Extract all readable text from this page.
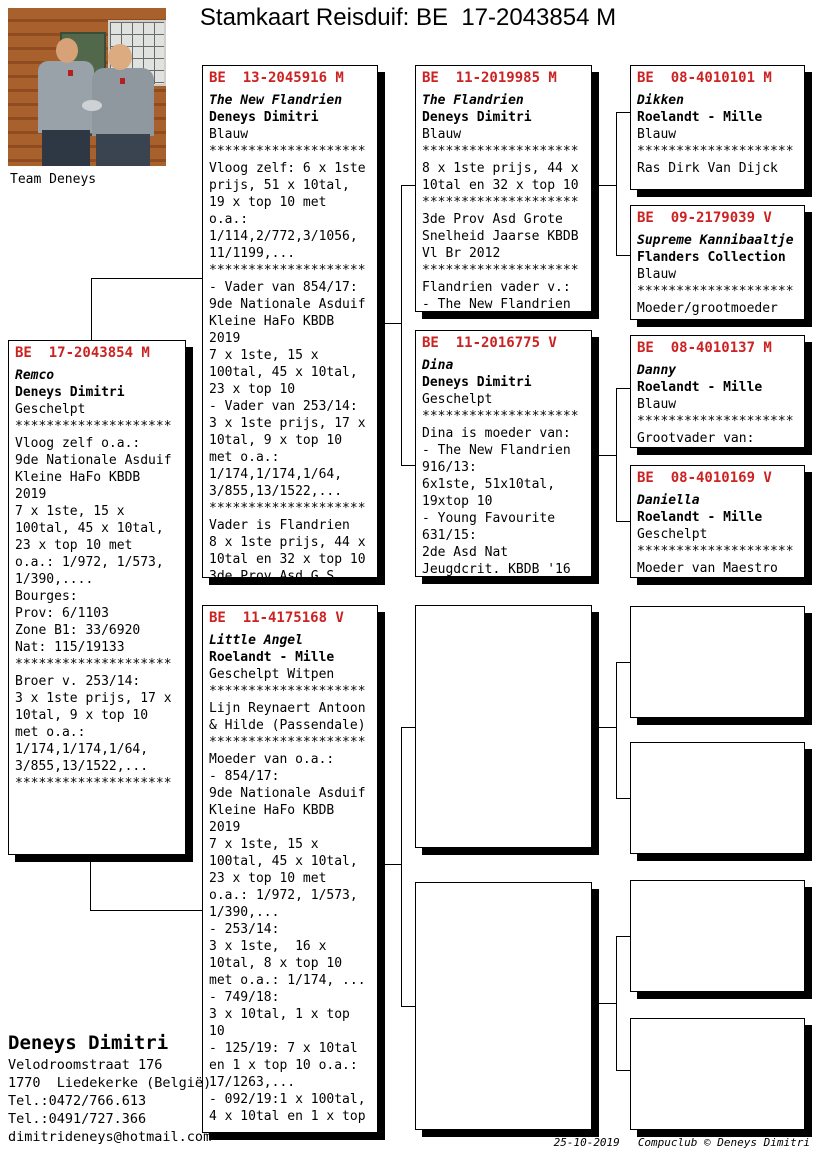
Stamkaart Reisduif: BE  17-2043854 M
Team Deneys
BE  17-2043854 M
Remco
Deneys Dimitri
Geschelpt
********************
Vloog zelf o.a.:
9de Nationale Asduif
Kleine HaFo KBDB
2019
7 x 1ste, 15 x
100tal, 45 x 10tal,
23 x top 10 met
o.a.: 1/972, 1/573,
1/390,....
Bourges:
Prov: 6/1103
Zone B1: 33/6920
Nat: 115/19133
********************
Broer v. 253/14:
3 x 1ste prijs, 17 x
10tal, 9 x top 10
met o.a.:
1/174,1/174,1/64,
3/855,13/1522,...
********************
BE  13-2045916 M
The New Flandrien
Deneys Dimitri
Blauw
********************
Vloog zelf: 6 x 1ste
prijs, 51 x 10tal,
19 x top 10 met
o.a.:
1/114,2/772,3/1056,
11/1199,...
********************
- Vader van 854/17:
9de Nationale Asduif
Kleine HaFo KBDB
2019
7 x 1ste, 15 x
100tal, 45 x 10tal,
23 x top 10
- Vader van 253/14:
3 x 1ste prijs, 17 x
10tal, 9 x top 10
met o.a.:
1/174,1/174,1/64,
3/855,13/1522,...
********************
Vader is Flandrien
8 x 1ste prijs, 44 x
10tal en 32 x top 10
3de Prov Asd G.S.
BE  11-4175168 V
Little Angel
Roelandt - Mille
Geschelpt Witpen
********************
Lijn Reynaert Antoon
& Hilde (Passendale)
********************
Moeder van o.a.:
- 854/17:
9de Nationale Asduif
Kleine HaFo KBDB
2019
7 x 1ste, 15 x
100tal, 45 x 10tal,
23 x top 10 met
o.a.: 1/972, 1/573,
1/390,...
- 253/14:
3 x 1ste,  16 x
10tal, 8 x top 10
met o.a.: 1/174, ...
- 749/18:
3 x 10tal, 1 x top
10
- 125/19: 7 x 10tal
en 1 x top 10 o.a.:
17/1263,...
- 092/19:1 x 100tal,
4 x 10tal en 1 x top
BE  11-2019985 M
The Flandrien
Deneys Dimitri
Blauw
********************
8 x 1ste prijs, 44 x
10tal en 32 x top 10
********************
3de Prov Asd Grote
Snelheid Jaarse KBDB
Vl Br 2012
********************
Flandrien vader v.:
- The New Flandrien
BE  11-2016775 V
Dina
Deneys Dimitri
Geschelpt
********************
Dina is moeder van:
- The New Flandrien
916/13:
6x1ste, 51x10tal,
19xtop 10
- Young Favourite
631/15:
2de Asd Nat
Jeugdcrit. KBDB '16
BE  08-4010101 M
Dikken
Roelandt - Mille
Blauw
********************
Ras Dirk Van Dijck
BE  09-2179039 V
Supreme Kannibaaltje
Flanders Collection
Blauw
********************
Moeder/grootmoeder
BE  08-4010137 M
Danny
Roelandt - Mille
Blauw
********************
Grootvader van:
BE  08-4010169 V
Daniella
Roelandt - Mille
Geschelpt
********************
Moeder van Maestro
Deneys Dimitri
Velodroomstraat 176
1770  Liedekerke (België)
Tel.:0472/766.613
Tel.:0491/727.366
dimitrideneys@hotmail.com	25-10-2019 Compuclub © Deneys Dimitri
